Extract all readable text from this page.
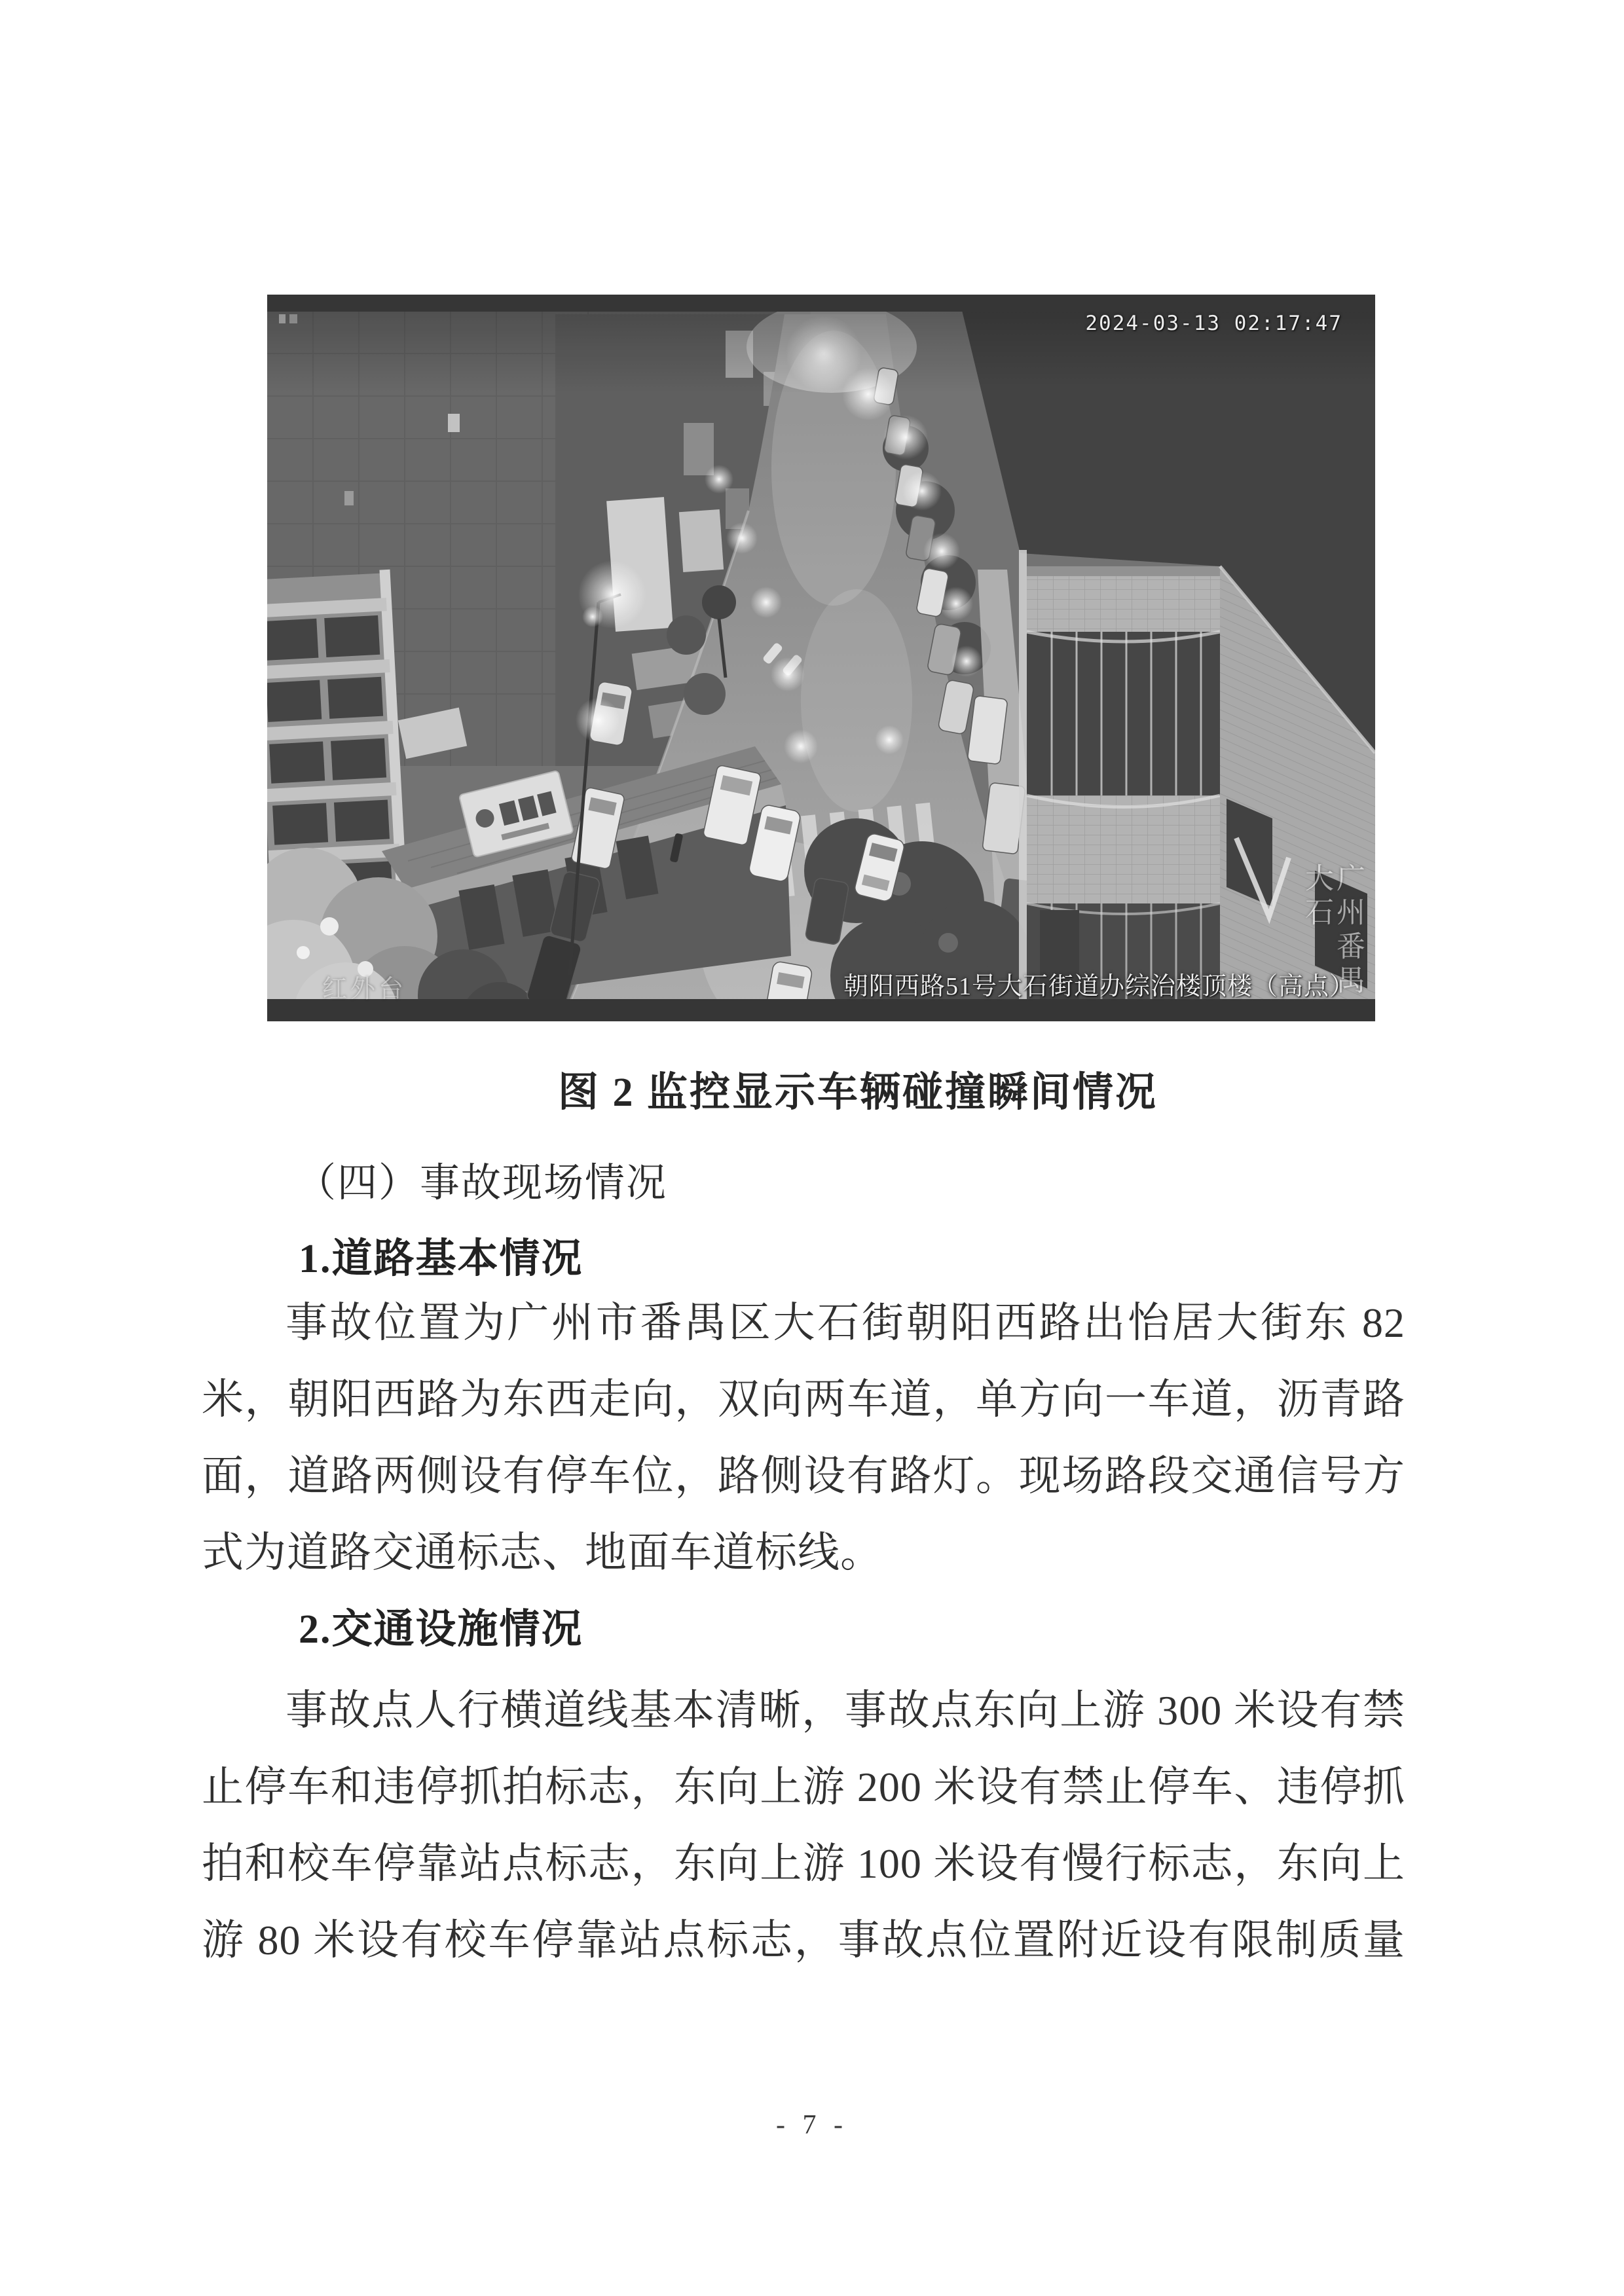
2024-03-13 02:17:47
朝阳西路51号大石街道办综治楼顶楼（高点）
广州番禺
大石
红外台
图 2 监控显示车辆碰撞瞬间情况
（四）事故现场情况
1.道路基本情况
事故位置为广州市番禺区大石街朝阳西路出怡居大街东 82
米，朝阳西路为东西走向，双向两车道，单方向一车道，沥青路
面，道路两侧设有停车位，路侧设有路灯。现场路段交通信号方
式为道路交通标志、地面车道标线。
2.交通设施情况
事故点人行横道线基本清晰，事故点东向上游 300 米设有禁
止停车和违停抓拍标志，东向上游 200 米设有禁止停车、违停抓
拍和校车停靠站点标志，东向上游 100 米设有慢行标志，东向上
游 80 米设有校车停靠站点标志，事故点位置附近设有限制质量
- 7 -
